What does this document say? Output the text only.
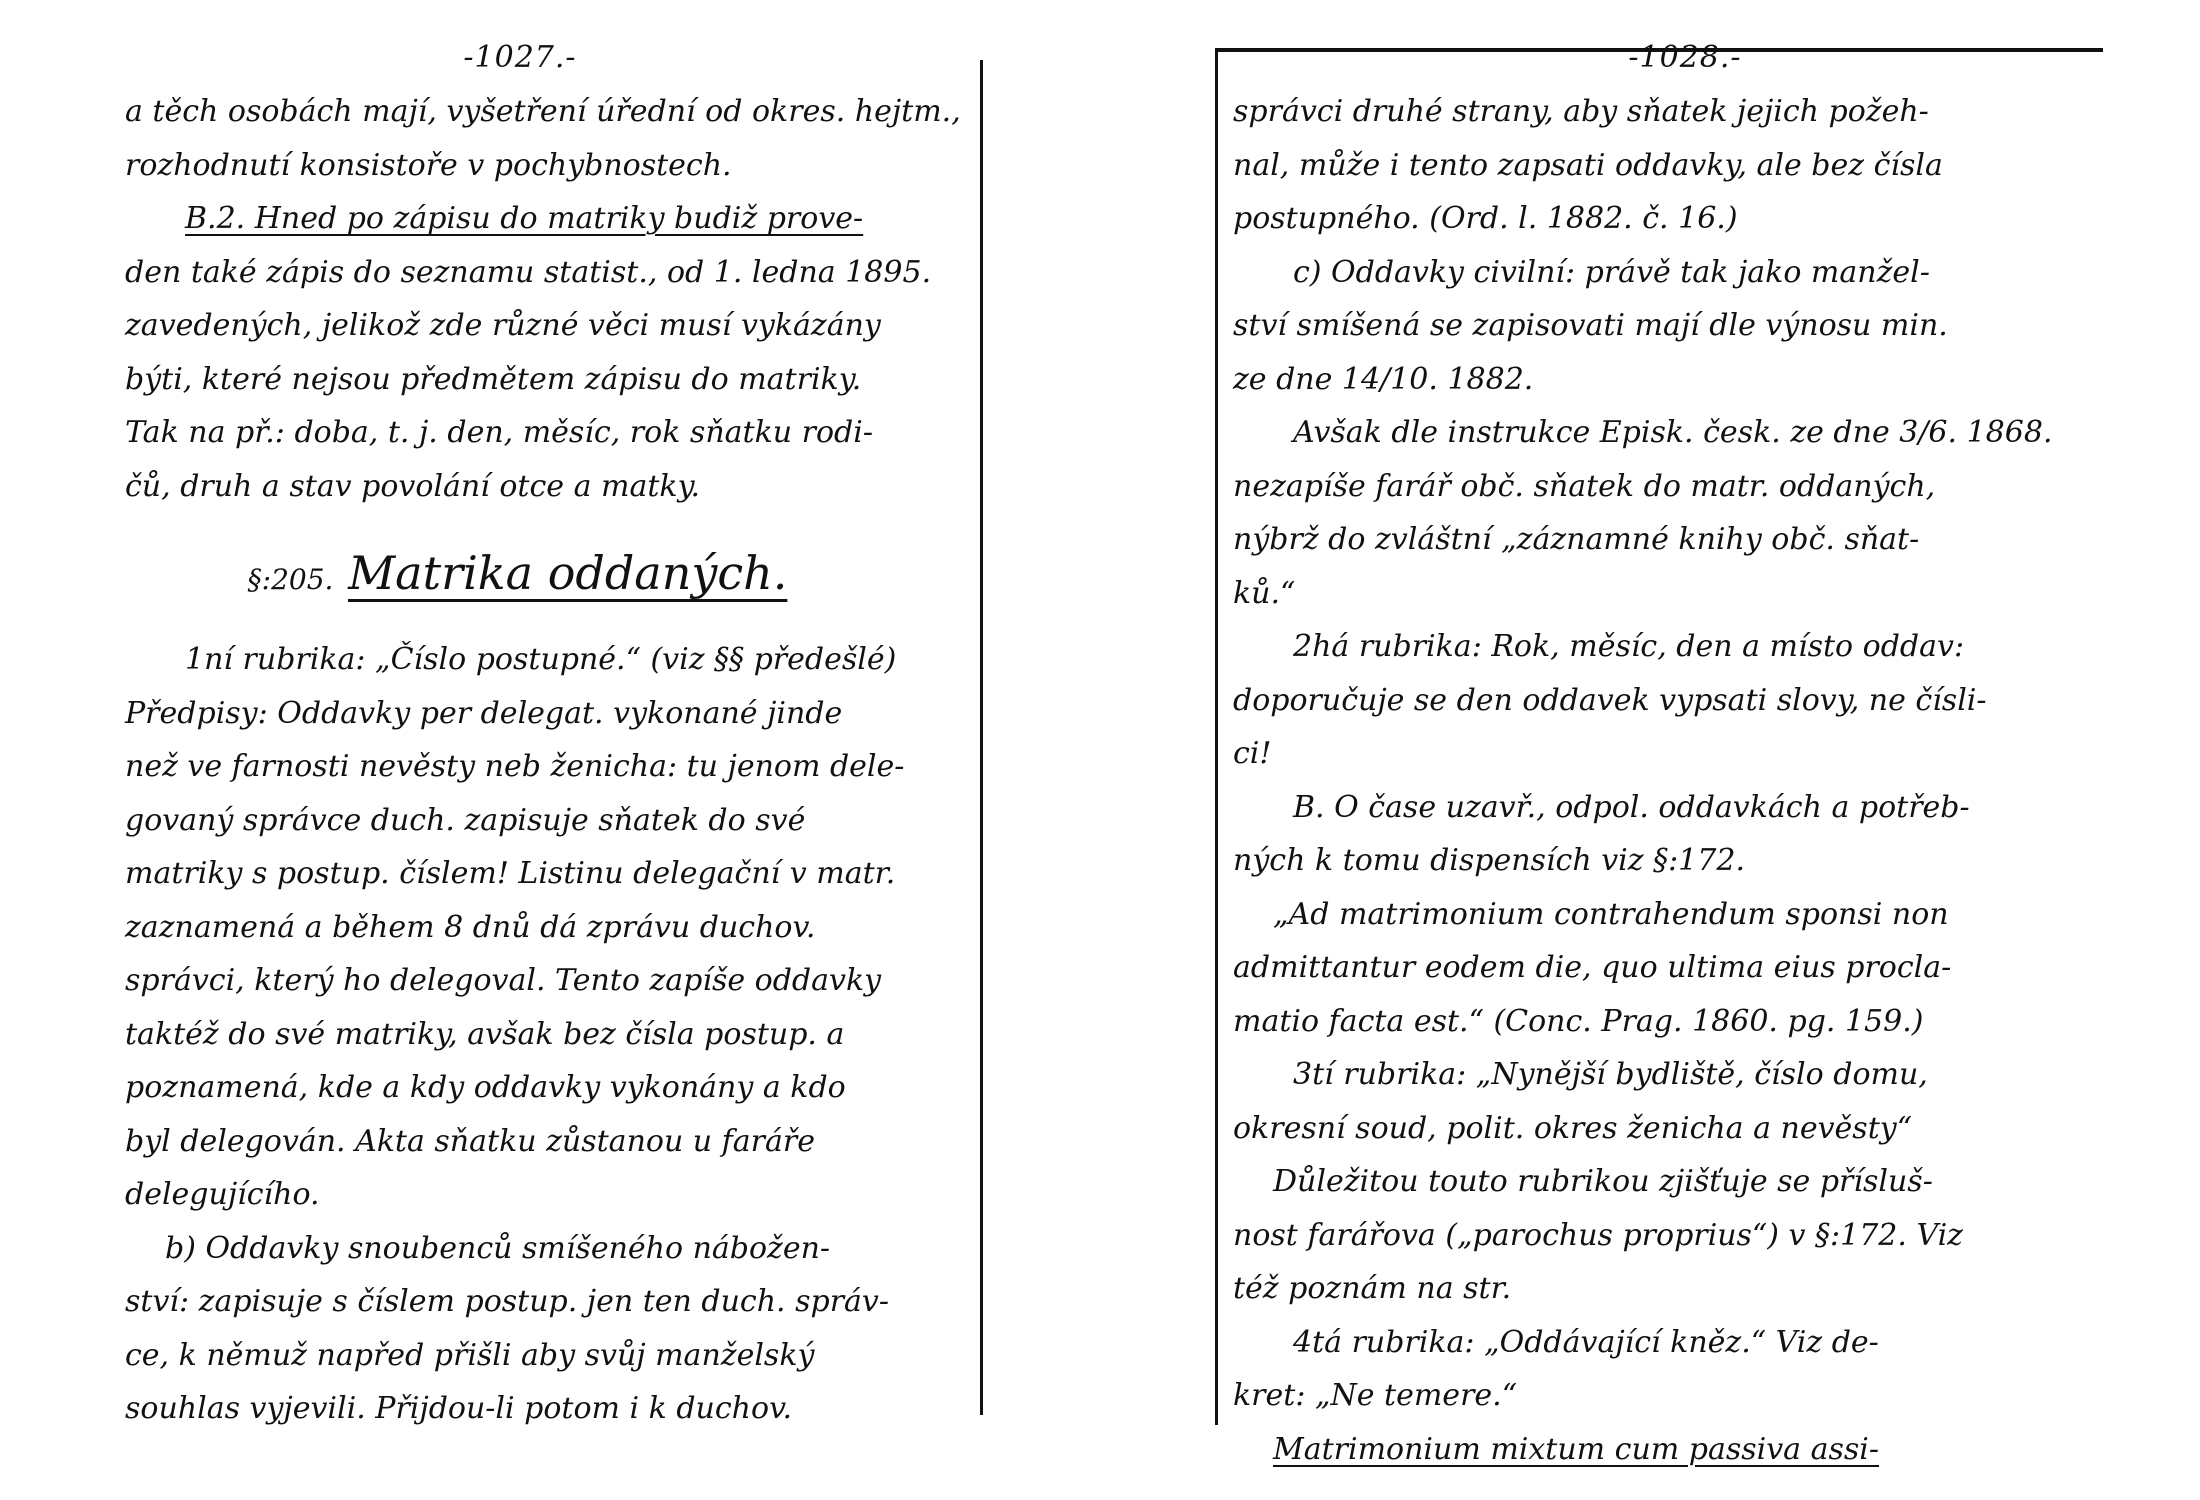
-1027.-
a těch osobách mají, vyšetření úřední od okres. hejtm.,
rozhodnutí konsistoře v pochybnostech.
B.2. Hned po zápisu do matriky budiž prove-
den také zápis do seznamu statist., od 1. ledna 1895.
zavedených, jelikož zde různé věci musí vykázány
býti, které nejsou předmětem zápisu do matriky.
Tak na př.: doba, t. j. den, měsíc, rok sňatku rodi-
čů, druh a stav povolání otce a matky.
§:205. Matrika oddaných.
1ní rubrika: „Číslo postupné.“ (viz §§ předešlé)
Předpisy: Oddavky per delegat. vykonané jinde
než ve farnosti nevěsty neb ženicha: tu jenom dele-
govaný správce duch. zapisuje sňatek do své
matriky s postup. číslem! Listinu delegační v matr.
zaznamená a během 8 dnů dá zprávu duchov.
správci, který ho delegoval. Tento zapíše oddavky
taktéž do své matriky, avšak bez čísla postup. a
poznamená, kde a kdy oddavky vykonány a kdo
byl delegován. Akta sňatku zůstanou u faráře
delegujícího.
b) Oddavky snoubenců smíšeného nábožen-
ství: zapisuje s číslem postup. jen ten duch. správ-
ce, k němuž napřed přišli aby svůj manželský
souhlas vyjevili. Přijdou-li potom i k duchov.
-1028.-
správci druhé strany, aby sňatek jejich požeh-
nal, může i tento zapsati oddavky, ale bez čísla
postupného. (Ord. l. 1882. č. 16.)
c) Oddavky civilní: právě tak jako manžel-
ství smíšená se zapisovati mají dle výnosu min.
ze dne 14/10. 1882.
Avšak dle instrukce Episk. česk. ze dne 3/6. 1868.
nezapíše farář obč. sňatek do matr. oddaných,
nýbrž do zvláštní „záznamné knihy obč. sňat-
ků.“
2há rubrika: Rok, měsíc, den a místo oddav:
doporučuje se den oddavek vypsati slovy, ne čísli-
ci!
B. O čase uzavř., odpol. oddavkách a potřeb-
ných k tomu dispensích viz §:172.
„Ad matrimonium contrahendum sponsi non
admittantur eodem die, quo ultima eius procla-
matio facta est.“ (Conc. Prag. 1860. pg. 159.)
3tí rubrika: „Nynější bydliště, číslo domu,
okresní soud, polit. okres ženicha a nevěsty“
Důležitou touto rubrikou zjišťuje se přísluš-
nost farářova („parochus proprius“) v §:172. Viz
též poznám na str.
4tá rubrika: „Oddávající kněz.“ Viz de-
kret: „Ne temere.“
Matrimonium mixtum cum passiva assi-
